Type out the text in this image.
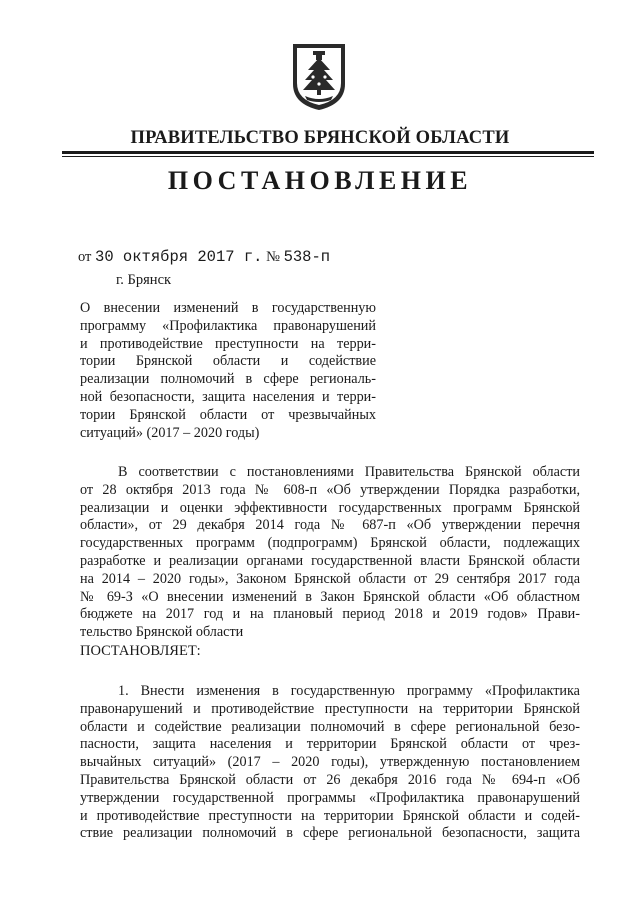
ПРАВИТЕЛЬСТВО БРЯНСКОЙ ОБЛАСТИ
ПОСТАНОВЛЕНИЕ
от 30 октября 2017 г. № 538-п
г. Брянск
О внесении изменений в государственную
программу «Профилактика правонарушений
и противодействие преступности на терри-
тории Брянской области и содействие
реализации полномочий в сфере региональ-
ной безопасности, защита населения и терри-
тории Брянской области от чрезвычайных
ситуаций» (2017 – 2020 годы)
В соответствии с постановлениями Правительства Брянской области
от 28 октября 2013 года № 608-п «Об утверждении Порядка разработки,
реализации и оценки эффективности государственных программ Брянской
области», от 29 декабря 2014 года № 687-п «Об утверждении перечня
государственных программ (подпрограмм) Брянской области, подлежащих
разработке и реализации органами государственной власти Брянской области
на 2014 – 2020 годы», Законом Брянской области от 29 сентября 2017 года
№ 69-З «О внесении изменений в Закон Брянской области «Об областном
бюджете на 2017 год и на плановый период 2018 и 2019 годов» Прави-
тельство Брянской области
ПОСТАНОВЛЯЕТ:
1. Внести изменения в государственную программу «Профилактика
правонарушений и противодействие преступности на территории Брянской
области и содействие реализации полномочий в сфере региональной безо-
пасности, защита населения и территории Брянской области от чрез-
вычайных ситуаций» (2017 – 2020 годы), утвержденную постановлением
Правительства Брянской области от 26 декабря 2016 года № 694-п «Об
утверждении государственной программы «Профилактика правонарушений
и противодействие преступности на территории Брянской области и содей-
ствие реализации полномочий в сфере региональной безопасности, защита
